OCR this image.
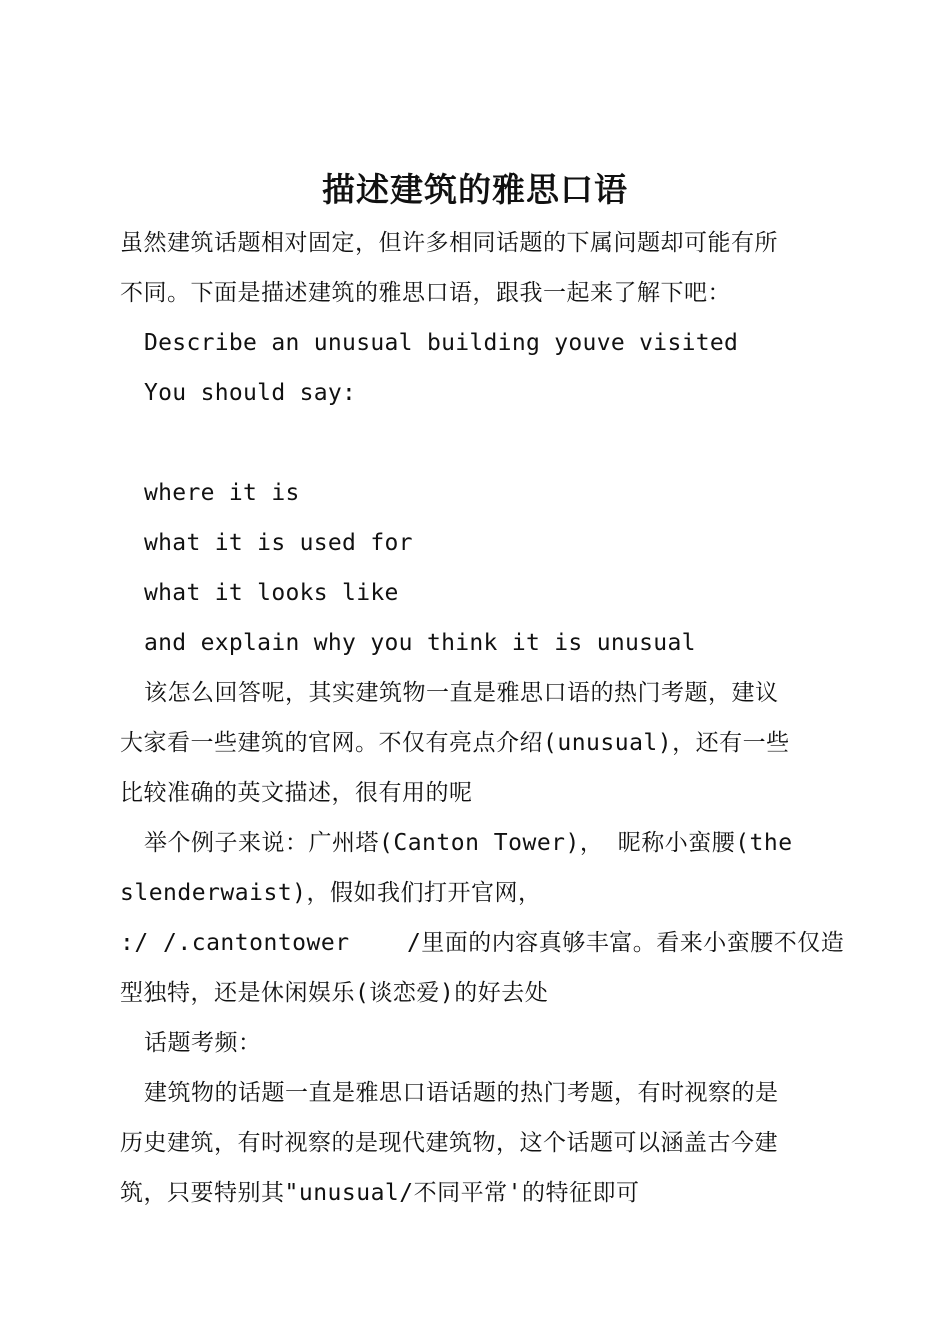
描述建筑的雅思口语

虽然建筑话题相对固定，但许多相同话题的下属问题却可能有所

不同。下面是描述建筑的雅思口语，跟我一起来了解下吧：

Describe an unusual building youve visited

You should say:

where it is

what it is used for

what it looks like

and explain why you think it is unusual

该怎么回答呢，其实建筑物一直是雅思口语的热门考题，建议

大家看一些建筑的官网。不仅有亮点介绍(unusual)，还有一些

比较准确的英文描述，很有用的呢

举个例子来说：广州塔(Canton Tower)， 昵称小蛮腰(the

slenderwaist)，假如我们打开官网，

:/ /.cantontower    /里面的内容真够丰富。看来小蛮腰不仅造

型独特，还是休闲娱乐(谈恋爱)的好去处

话题考频：

建筑物的话题一直是雅思口语话题的热门考题，有时视察的是

历史建筑，有时视察的是现代建筑物，这个话题可以涵盖古今建

筑，只要特别其"unusual/不同平常'的特征即可
